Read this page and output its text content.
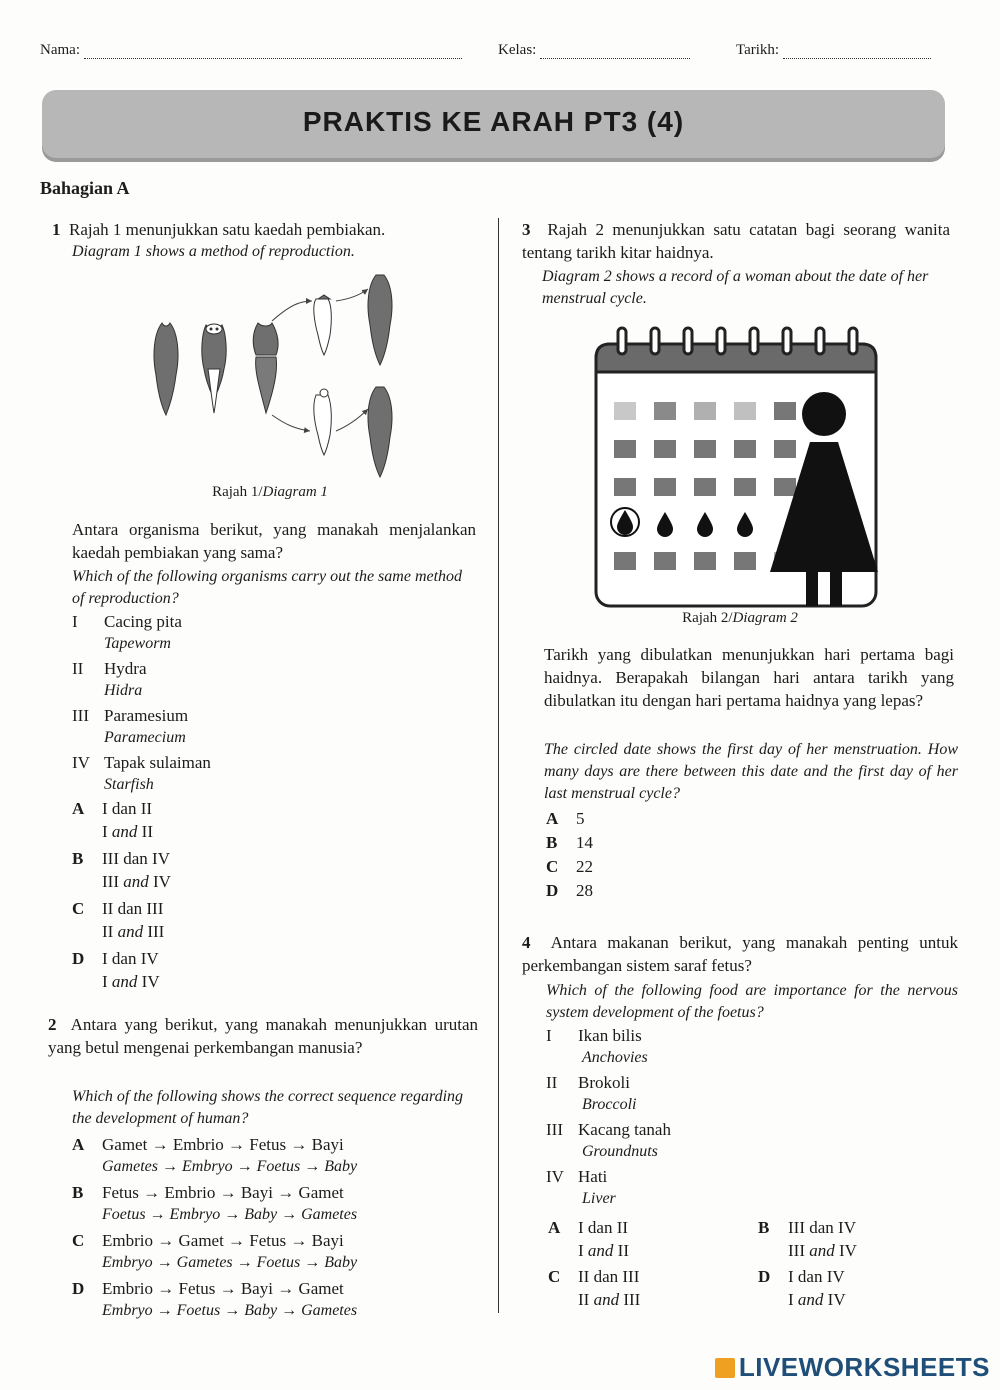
Nama:	Kelas:	Tarikh:
PRAKTIS KE ARAH PT3 (4)
Bahagian A
1 Rajah 1 menunjukkan satu kaedah pembiakan.
Diagram 1 shows a method of reproduction.
Rajah 1/Diagram 1
Antara organisma berikut, yang manakah menjalankan kaedah pembiakan yang sama?
Which of the following organisms carry out the same method of reproduction?
I Cacing pita
Tapeworm
II Hydra
Hidra
III Paramesium
Paramecium
IV Tapak sulaiman
Starfish
A I dan II
I and II
B III dan IV
III and IV
C II dan III
II and III
D I dan IV
I and IV
2 Antara yang berikut, yang manakah menunjukkan urutan yang betul mengenai perkembangan manusia?
Which of the following shows the correct sequence regarding the development of human?
A Gamet → Embrio → Fetus → Bayi
Gametes → Embryo → Foetus → Baby
B Fetus → Embrio → Bayi → Gamet
Foetus → Embryo → Baby → Gametes
C Embrio → Gamet → Fetus → Bayi
Embryo → Gametes → Foetus → Baby
D Embrio → Fetus → Bayi → Gamet
Embryo → Foetus → Baby → Gametes
3 Rajah 2 menunjukkan satu catatan bagi seorang wanita tentang tarikh kitar haidnya.
Diagram 2 shows a record of a woman about the date of her menstrual cycle.
Rajah 2/Diagram 2
Tarikh yang dibulatkan menunjukkan hari pertama bagi haidnya. Berapakah bilangan hari antara tarikh yang dibulatkan itu dengan hari pertama haidnya yang lepas?
The circled date shows the first day of her menstruation. How many days are there between this date and the first day of her last menstrual cycle?
A 5
B 14
C 22
D 28
4 Antara makanan berikut, yang manakah penting untuk perkembangan sistem saraf fetus?
Which of the following food are importance for the nervous system development of the foetus?
I Ikan bilis
Anchovies
II Brokoli
Broccoli
III Kacang tanah
Groundnuts
IV Hati
Liver
A I dan II
I and II
B III dan IV
III and IV
C II dan III
II and III
D I dan IV
I and IV
LIVEWORKSHEETS
